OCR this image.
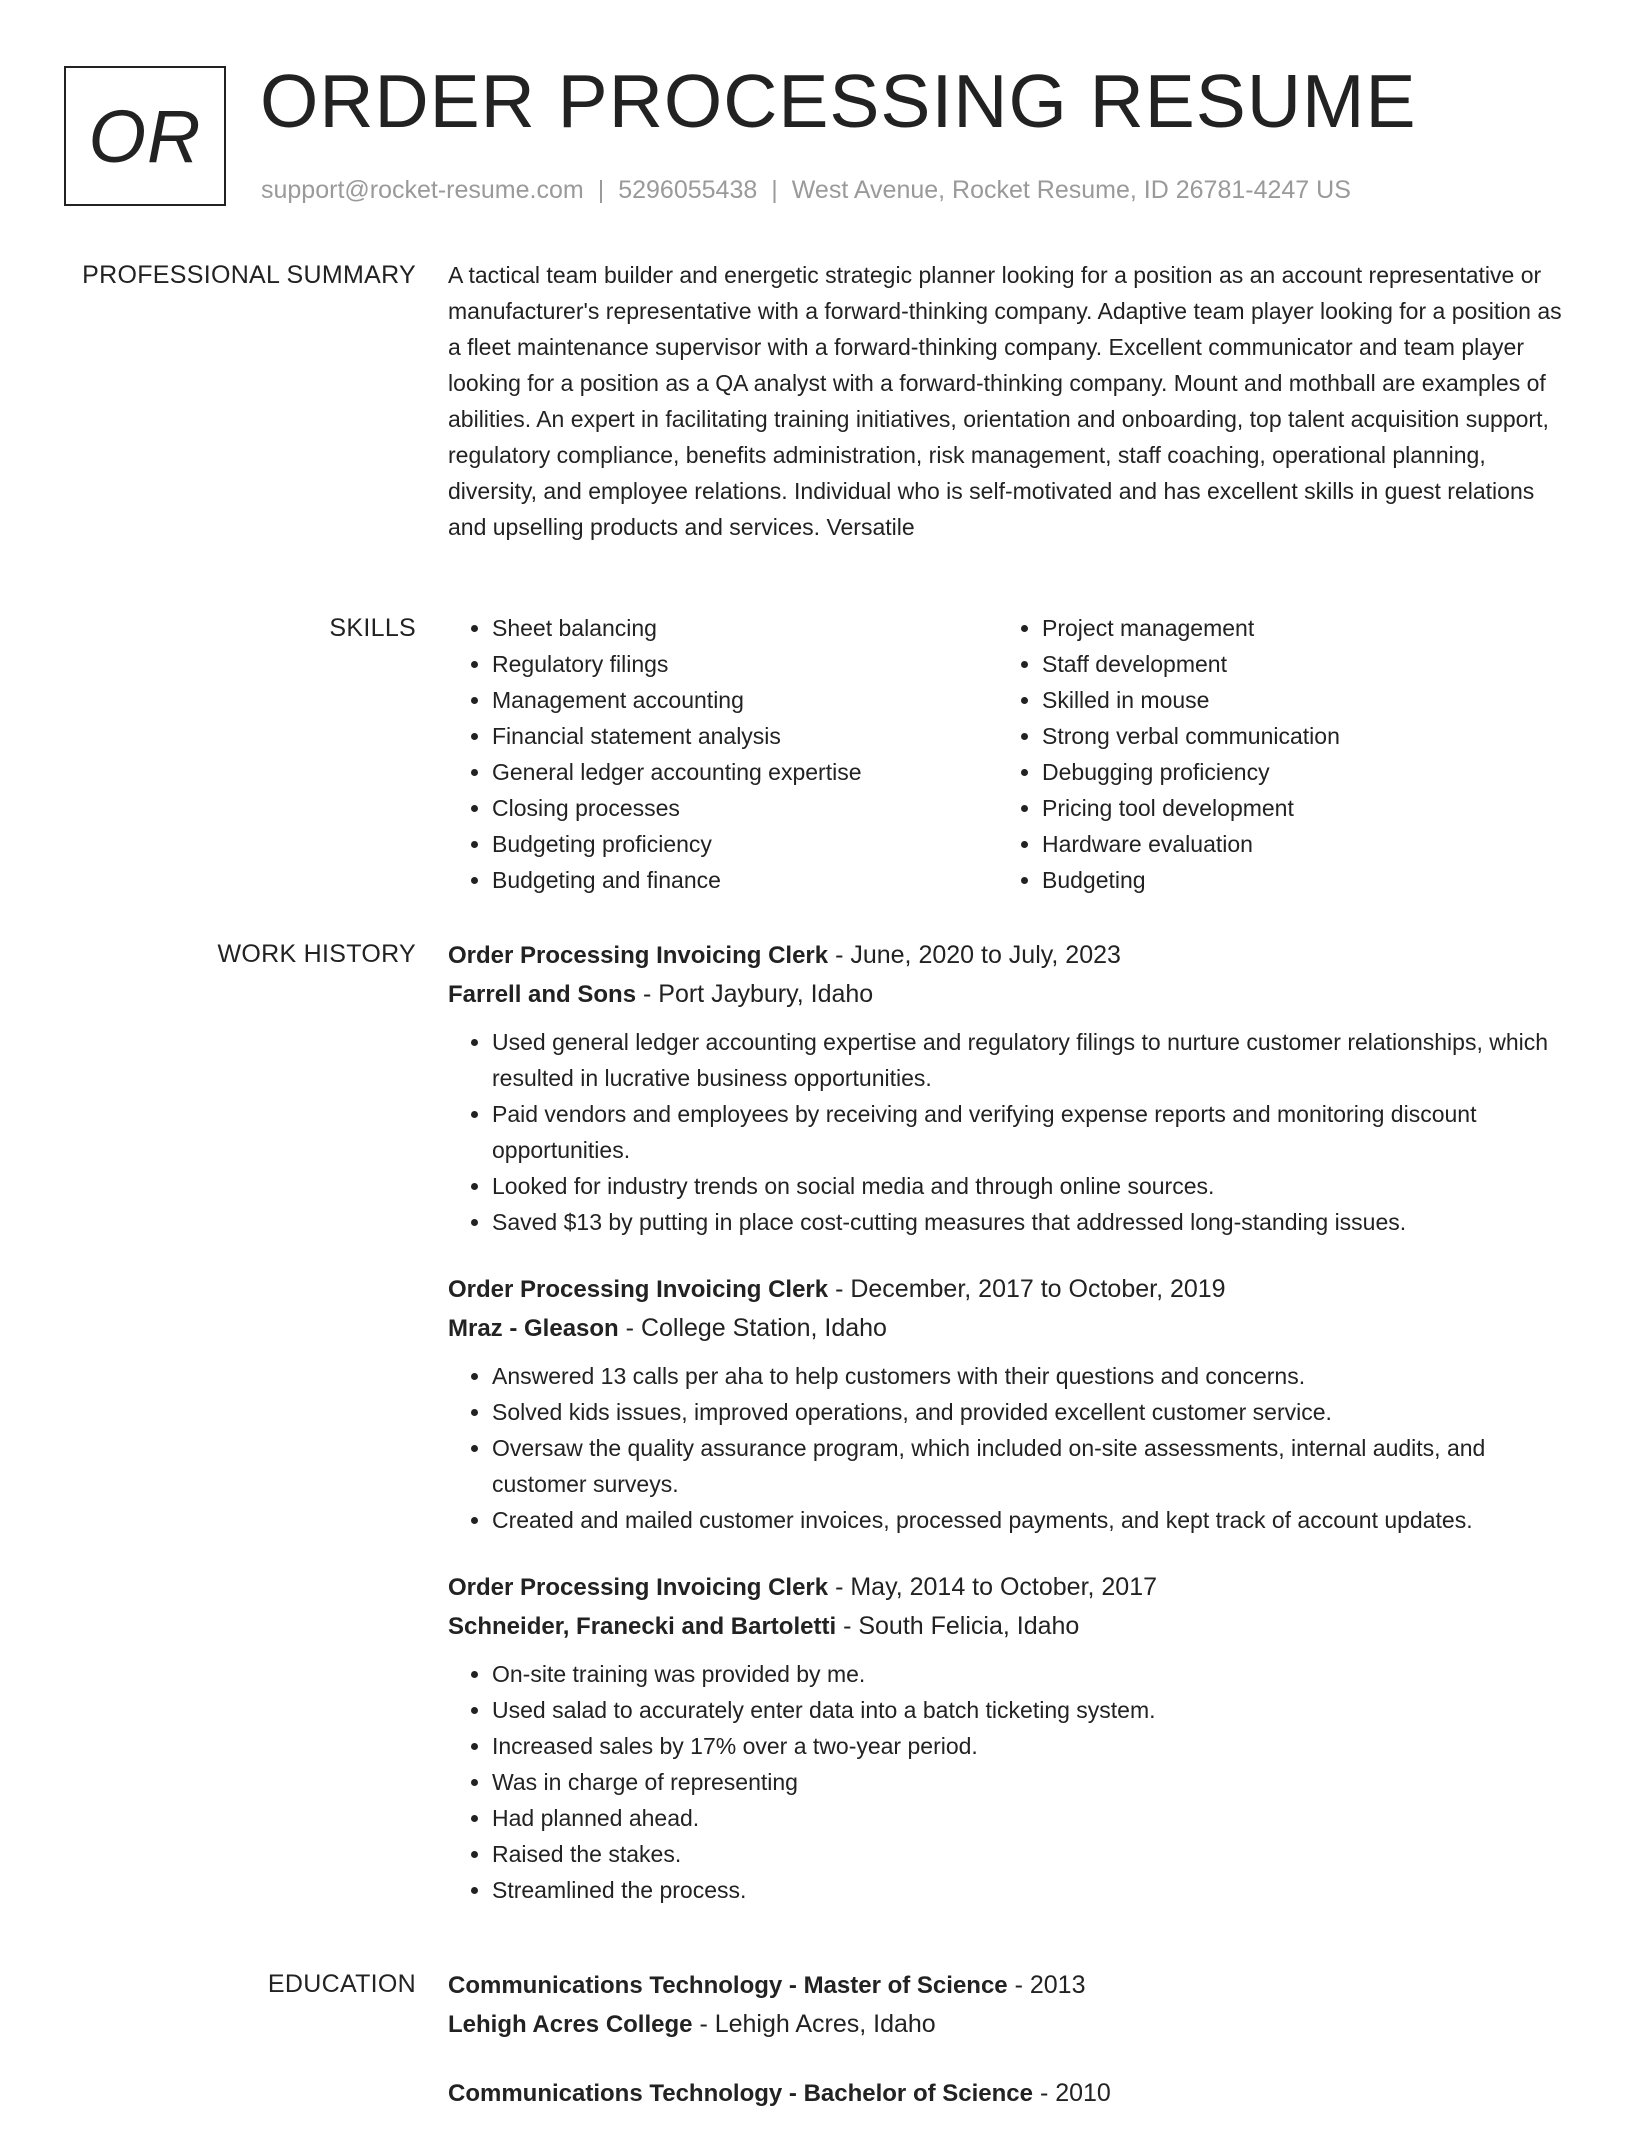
OR ORDER PROCESSING RESUME
support@rocket-resume.com | 5296055438 | West Avenue, Rocket Resume, ID 26781-4247 US
PROFESSIONAL SUMMARY A tactical team builder and energetic strategic planner looking for a position as an account representative or manufacturer's representative with a forward-thinking company. Adaptive team player looking for a position as a fleet maintenance supervisor with a forward-thinking company. Excellent communicator and team player looking for a position as a QA analyst with a forward-thinking company. Mount and mothball are examples of abilities. An expert in facilitating training initiatives, orientation and onboarding, top talent acquisition support, regulatory compliance, benefits administration, risk management, staff coaching, operational planning, diversity, and employee relations. Individual who is self-motivated and has excellent skills in guest relations and upselling products and services. Versatile

SKILLS
•	Sheet balancing
• Regulatory filings
• Management accounting
• Financial statement analysis
• General ledger accounting expertise
• Closing processes
• Budgeting proficiency
• Budgeting and finance
• Project management
• Staff development
• Skilled in mouse
• Strong verbal communication
• Debugging proficiency
• Pricing tool development
• Hardware evaluation
• Budgeting
WORK HISTORY Order Processing Invoicing Clerk - June, 2020 to July, 2023
Farrell and Sons - Port Jaybury, Idaho
• Used general ledger accounting expertise and regulatory filings to nurture customer relationships, which resulted in lucrative business opportunities.
• Paid vendors and employees by receiving and verifying expense reports and monitoring discount opportunities.
• Looked for industry trends on social media and through online sources.
• Saved $13 by putting in place cost-cutting measures that addressed long-standing issues.
Order Processing Invoicing Clerk - December, 2017 to October, 2019
Mraz - Gleason - College Station, Idaho
• Answered 13 calls per aha to help customers with their questions and concerns.
• Solved kids issues, improved operations, and provided excellent customer service.
• Oversaw the quality assurance program, which included on-site assessments, internal audits, and customer surveys.
• Created and mailed customer invoices, processed payments, and kept track of account updates.
Order Processing Invoicing Clerk - May, 2014 to October, 2017
Schneider, Franecki and Bartoletti - South Felicia, Idaho
• On-site training was provided by me.
• Used salad to accurately enter data into a batch ticketing system.
• Increased sales by 17% over a two-year period.
• Was in charge of representing
• Had planned ahead.
• Raised the stakes.
• Streamlined the process.
EDUCATION Communications Technology - Master of Science - 2013
Lehigh Acres College - Lehigh Acres, Idaho
Communications Technology - Bachelor of Science - 2010
